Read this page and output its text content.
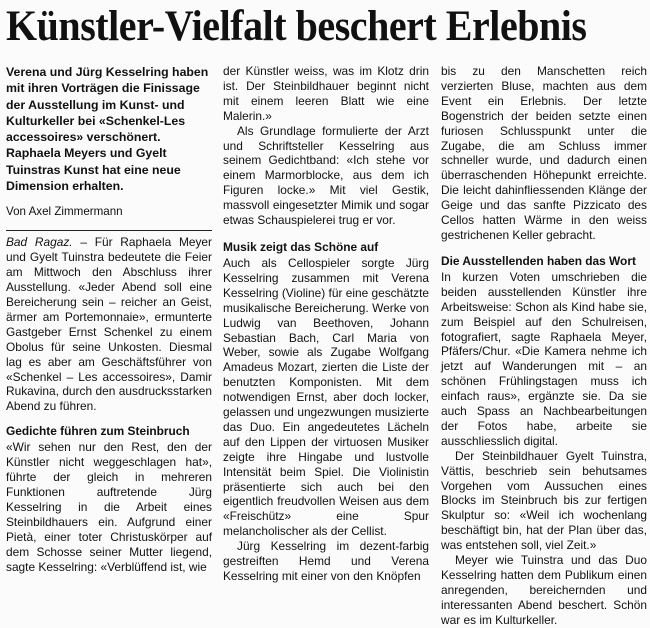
Künstler-Vielfalt beschert Erlebnis

Verena und Jürg Kesselring haben mit ihren Vorträgen die Finissage der Ausstellung im Kunst- und Kulturkeller bei «Schenkel-Les accessoires» verschönert. Raphaela Meyers und Gyelt Tuinstras Kunst hat eine neue Dimension erhalten.

Von Axel Zimmermann

Bad Ragaz. – Für Raphaela Meyer und Gyelt Tuinstra bedeutete die Feier am Mittwoch den Abschluss ihrer Ausstellung. «Jeder Abend soll eine Bereicherung sein – reicher an Geist, ärmer am Portemonnaie», ermunterte Gastgeber Ernst Schenkel zu einem Obolus für seine Unkosten. Diesmal lag es aber am Geschäftsführer von «Schenkel – Les accessoires», Damir Rukavina, durch den ausdrucksstarken Abend zu führen.

Gedichte führen zum Steinbruch

«Wir sehen nur den Rest, den der Künstler nicht weggeschlagen hat», führte der gleich in mehreren Funktionen auftretende Jürg Kesselring in die Arbeit eines Steinbildhauers ein. Aufgrund einer Pietà, einer toter Christuskörper auf dem Schosse seiner Mutter liegend, sagte Kesselring: «Verblüffend ist, wie

der Künstler weiss, was im Klotz drin ist. Der Steinbildhauer beginnt nicht mit einem leeren Blatt wie eine Malerin.»

Als Grundlage formulierte der Arzt und Schriftsteller Kesselring aus seinem Gedichtband: «Ich stehe vor einem Marmorblocke, aus dem ich Figuren locke.» Mit viel Gestik, massvoll eingesetzter Mimik und sogar etwas Schauspielerei trug er vor.

Musik zeigt das Schöne auf

Auch als Cellospieler sorgte Jürg Kesselring zusammen mit Verena Kesselring (Violine) für eine geschätzte musikalische Bereicherung. Werke von Ludwig van Beethoven, Johann Sebastian Bach, Carl Maria von Weber, sowie als Zugabe Wolfgang Amadeus Mozart, zierten die Liste der benutzten Komponisten. Mit dem notwendigen Ernst, aber doch locker, gelassen und ungezwungen musizierte das Duo. Ein angedeutetes Lächeln auf den Lippen der virtuosen Musiker zeigte ihre Hingabe und lustvolle Intensität beim Spiel. Die Violinistin präsentierte sich auch bei den eigentlich freudvollen Weisen aus dem «Freischütz» eine Spur melancholischer als der Cellist.

Jürg Kesselring im dezent-farbig gestreiften Hemd und Verena Kesselring mit einer von den Knöpfen

bis zu den Manschetten reich verzierten Bluse, machten aus dem Event ein Erlebnis. Der letzte Bogenstrich der beiden setzte einen furiosen Schlusspunkt unter die Zugabe, die am Schluss immer schneller wurde, und dadurch einen überraschenden Höhepunkt erreichte. Die leicht dahinfliessenden Klänge der Geige und das sanfte Pizzicato des Cellos hatten Wärme in den weiss gestrichenen Keller gebracht.

Die Ausstellenden haben das Wort

In kurzen Voten umschrieben die beiden ausstellenden Künstler ihre Arbeitsweise: Schon als Kind habe sie, zum Beispiel auf den Schulreisen, fotografiert, sagte Raphaela Meyer, Pfäfers/Chur. «Die Kamera nehme ich jetzt auf Wanderungen mit – an schönen Frühlingstagen muss ich einfach raus», ergänzte sie. Da sie auch Spass an Nachbearbeitungen der Fotos habe, arbeite sie ausschliesslich digital.

Der Steinbildhauer Gyelt Tuinstra, Vättis, beschrieb sein behutsames Vorgehen vom Aussuchen eines Blocks im Steinbruch bis zur fertigen Skulptur so: «Weil ich wochenlang beschäftigt bin, hat der Plan über das, was entstehen soll, viel Zeit.»

Meyer wie Tuinstra und das Duo Kesselring hatten dem Publikum einen anregenden, bereichernden und interessanten Abend beschert. Schön war es im Kulturkeller.
